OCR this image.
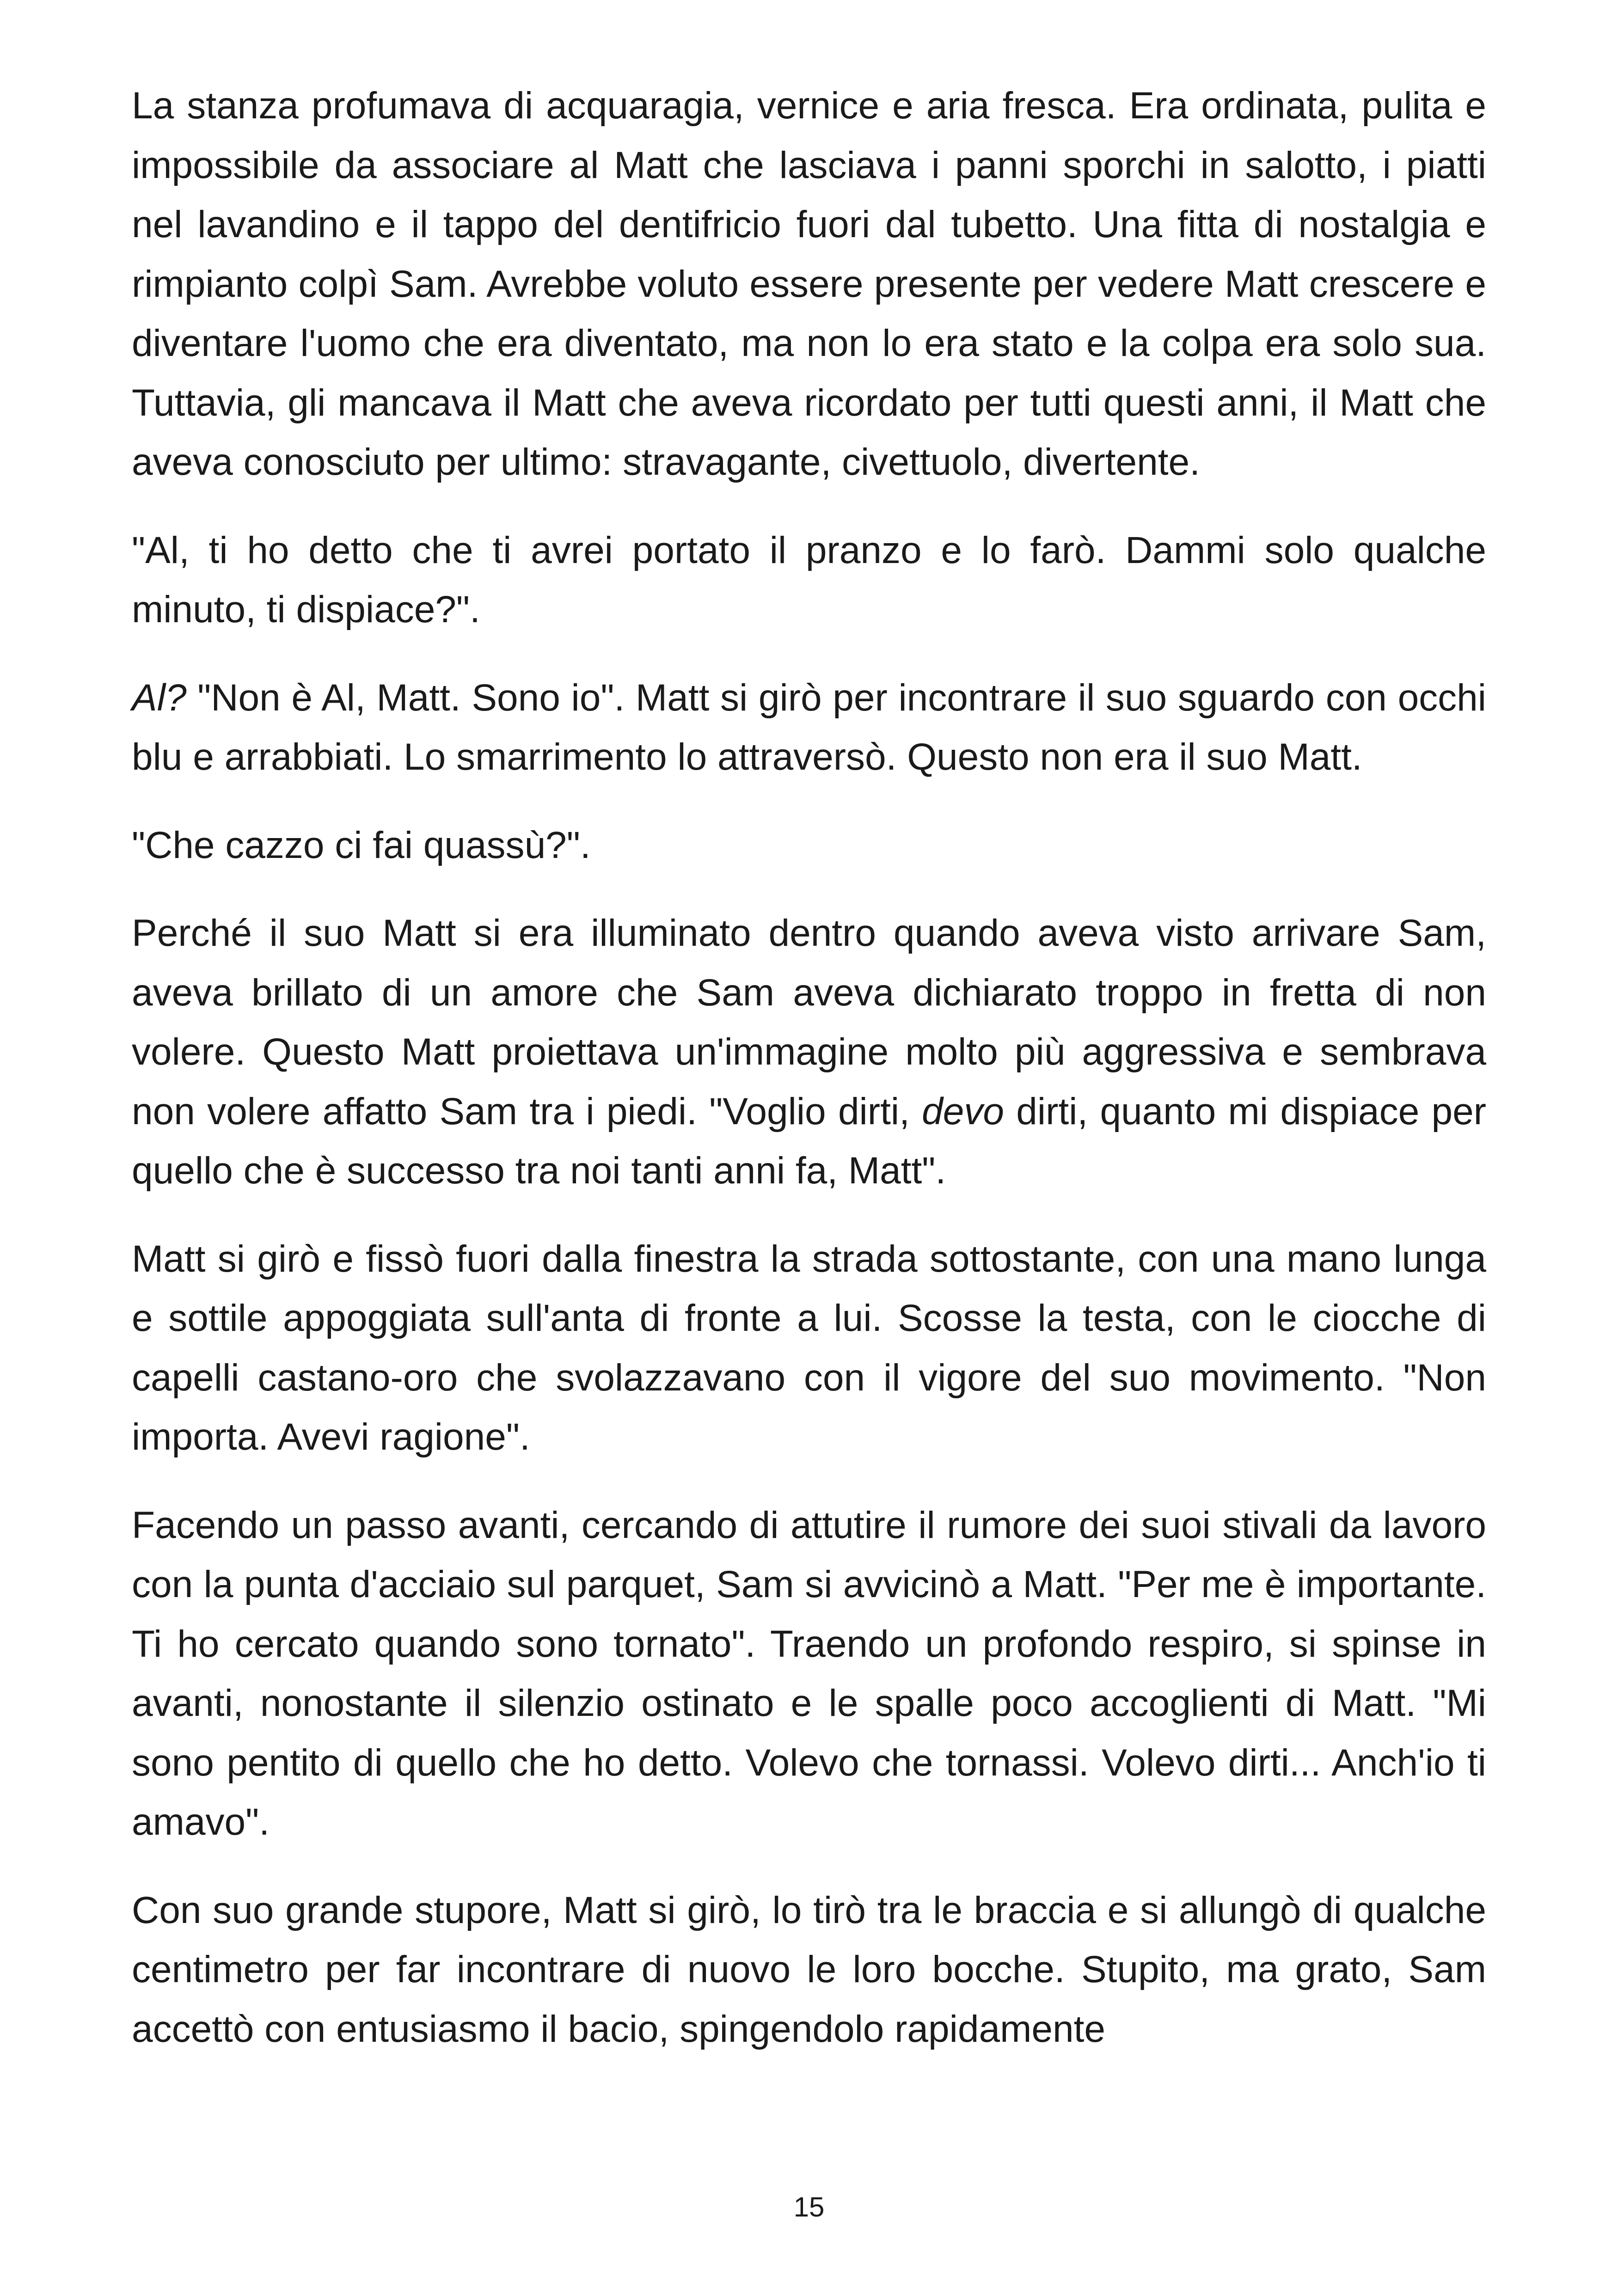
La stanza profumava di acquaragia, vernice e aria fresca. Era ordinata, pulita e impossibile da associare al Matt che lasciava i panni sporchi in salotto, i piatti nel lavandino e il tappo del dentifricio fuori dal tubetto. Una fitta di nostalgia e rimpianto colpì Sam. Avrebbe voluto essere presente per vedere Matt crescere e diventare l'uomo che era diventato, ma non lo era stato e la colpa era solo sua. Tuttavia, gli mancava il Matt che aveva ricordato per tutti questi anni, il Matt che aveva conosciuto per ultimo: stravagante, civettuolo, divertente.

"Al, ti ho detto che ti avrei portato il pranzo e lo farò. Dammi solo qualche minuto, ti dispiace?".

Al? "Non è Al, Matt. Sono io". Matt si girò per incontrare il suo sguardo con occhi blu e arrabbiati. Lo smarrimento lo attraversò. Questo non era il suo Matt.

"Che cazzo ci fai quassù?".

Perché il suo Matt si era illuminato dentro quando aveva visto arrivare Sam, aveva brillato di un amore che Sam aveva dichiarato troppo in fretta di non volere. Questo Matt proiettava un'immagine molto più aggressiva e sembrava non volere affatto Sam tra i piedi. "Voglio dirti, devo dirti, quanto mi dispiace per quello che è successo tra noi tanti anni fa, Matt".

Matt si girò e fissò fuori dalla finestra la strada sottostante, con una mano lunga e sottile appoggiata sull'anta di fronte a lui. Scosse la testa, con le ciocche di capelli castano-oro che svolazzavano con il vigore del suo movimento. "Non importa. Avevi ragione".

Facendo un passo avanti, cercando di attutire il rumore dei suoi stivali da lavoro con la punta d'acciaio sul parquet, Sam si avvicinò a Matt. "Per me è importante. Ti ho cercato quando sono tornato". Traendo un profondo respiro, si spinse in avanti, nonostante il silenzio ostinato e le spalle poco accoglienti di Matt. "Mi sono pentito di quello che ho detto. Volevo che tornassi. Volevo dirti... Anch'io ti amavo".

Con suo grande stupore, Matt si girò, lo tirò tra le braccia e si allungò di qualche centimetro per far incontrare di nuovo le loro bocche. Stupito, ma grato, Sam accettò con entusiasmo il bacio, spingendolo rapidamente

15
